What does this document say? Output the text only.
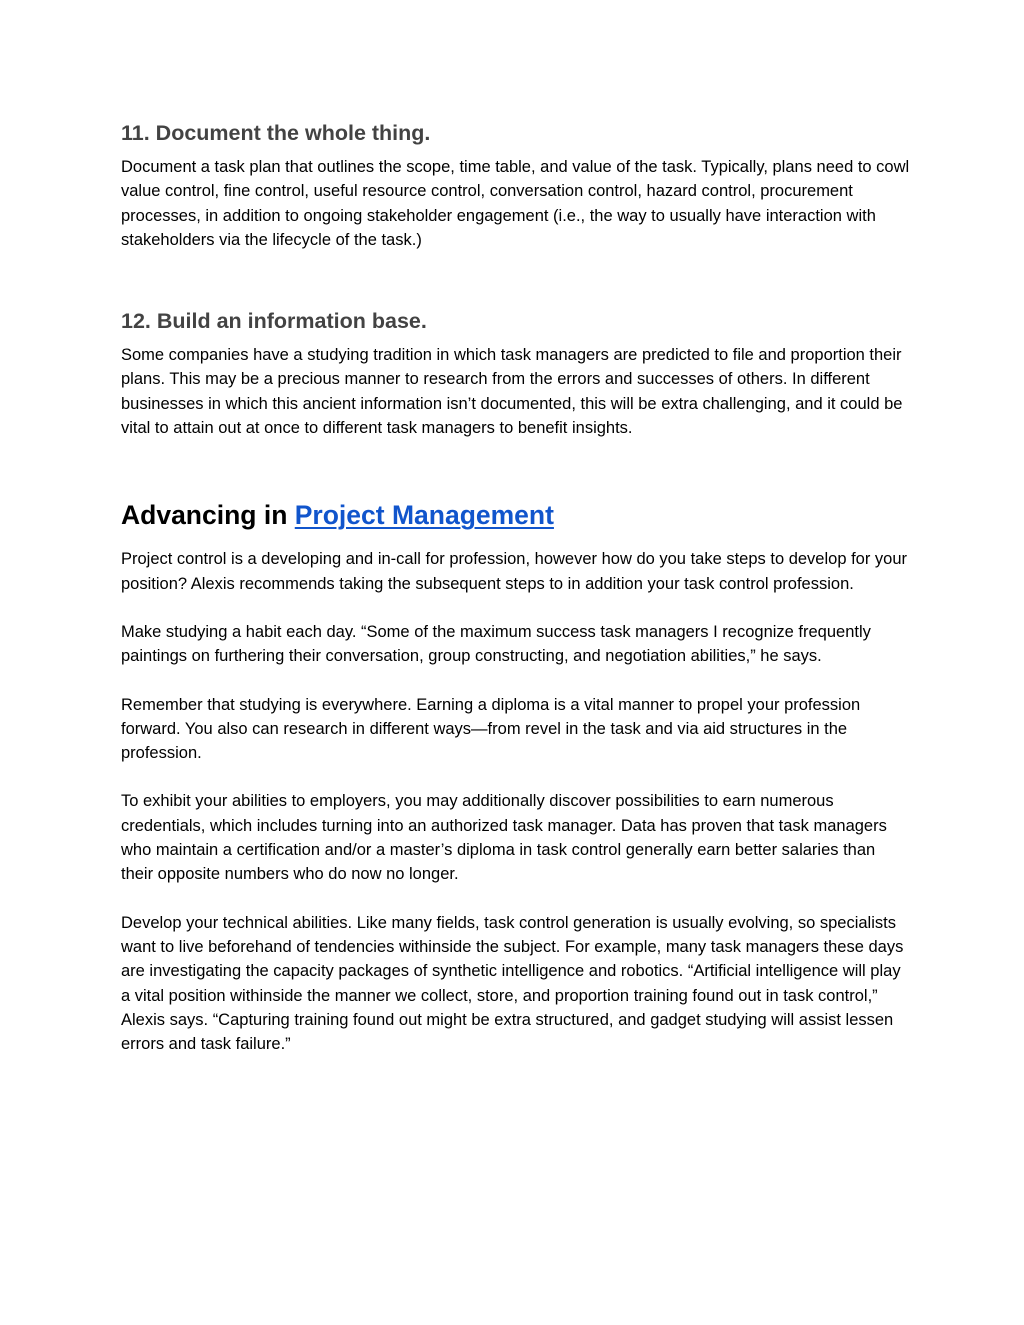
11. Document the whole thing.

Document a task plan that outlines the scope, time table, and value of the task. Typically, plans need to cowl value control, fine control, useful resource control, conversation control, hazard control, procurement processes, in addition to ongoing stakeholder engagement (i.e., the way to usually have interaction with stakeholders via the lifecycle of the task.)

12. Build an information base.

Some companies have a studying tradition in which task managers are predicted to file and proportion their plans. This may be a precious manner to research from the errors and successes of others. In different businesses in which this ancient information isn’t documented, this will be extra challenging, and it could be vital to attain out at once to different task managers to benefit insights.

Advancing in Project Management

Project control is a developing and in-call for profession, however how do you take steps to develop for your position? Alexis recommends taking the subsequent steps to in addition your task control profession.

Make studying a habit each day. “Some of the maximum success task managers I recognize frequently paintings on furthering their conversation, group constructing, and negotiation abilities,” he says.

Remember that studying is everywhere. Earning a diploma is a vital manner to propel your profession forward. You also can research in different ways—from revel in the task and via aid structures in the profession.

To exhibit your abilities to employers, you may additionally discover possibilities to earn numerous credentials, which includes turning into an authorized task manager. Data has proven that task managers who maintain a certification and/or a master’s diploma in task control generally earn better salaries than their opposite numbers who do now no longer.

Develop your technical abilities. Like many fields, task control generation is usually evolving, so specialists want to live beforehand of tendencies withinside the subject. For example, many task managers these days are investigating the capacity packages of synthetic intelligence and robotics. “Artificial intelligence will play a vital position withinside the manner we collect, store, and proportion training found out in task control,” Alexis says. “Capturing training found out might be extra structured, and gadget studying will assist lessen errors and task failure.”
